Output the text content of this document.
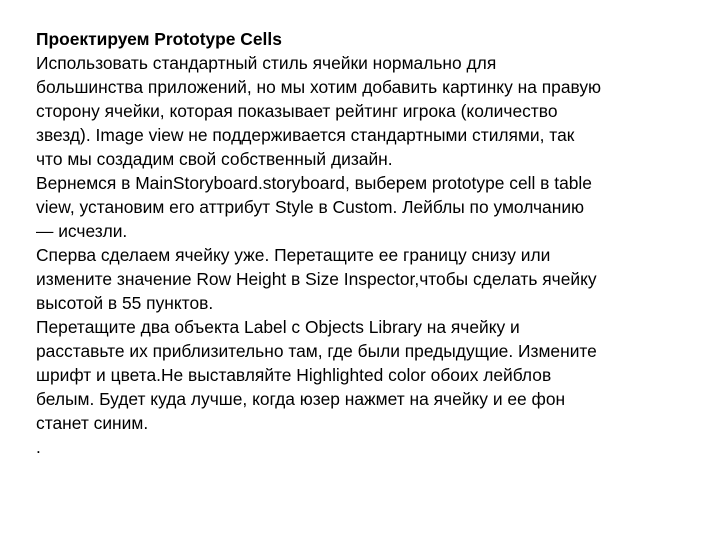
Проектируем Prototype Cells

Использовать стандартный стиль ячейки нормально для
большинства приложений, но мы хотим добавить картинку на правую
сторону ячейки, которая показывает рейтинг игрока (количество
звезд). Image view не поддерживается стандартными стилями, так
что мы создадим свой собственный дизайн.

Вернемся в MainStoryboard.storyboard, выберем prototype cell в table
view, установим его аттрибут Style в Custom. Лейблы по умолчанию
— исчезли.

Сперва сделаем ячейку уже. Перетащите ее границу снизу или
измените значение Row Height в Size Inspector,чтобы сделать ячейку
высотой в 55 пунктов.

Перетащите два объекта Label с Objects Library на ячейку и
расставьте их приблизительно там, где были предыдущие. Измените
шрифт и цвета.Не выставляйте Highlighted color обоих лейблов
белым. Будет куда лучше, когда юзер нажмет на ячейку и ее фон
станет синим.

.
